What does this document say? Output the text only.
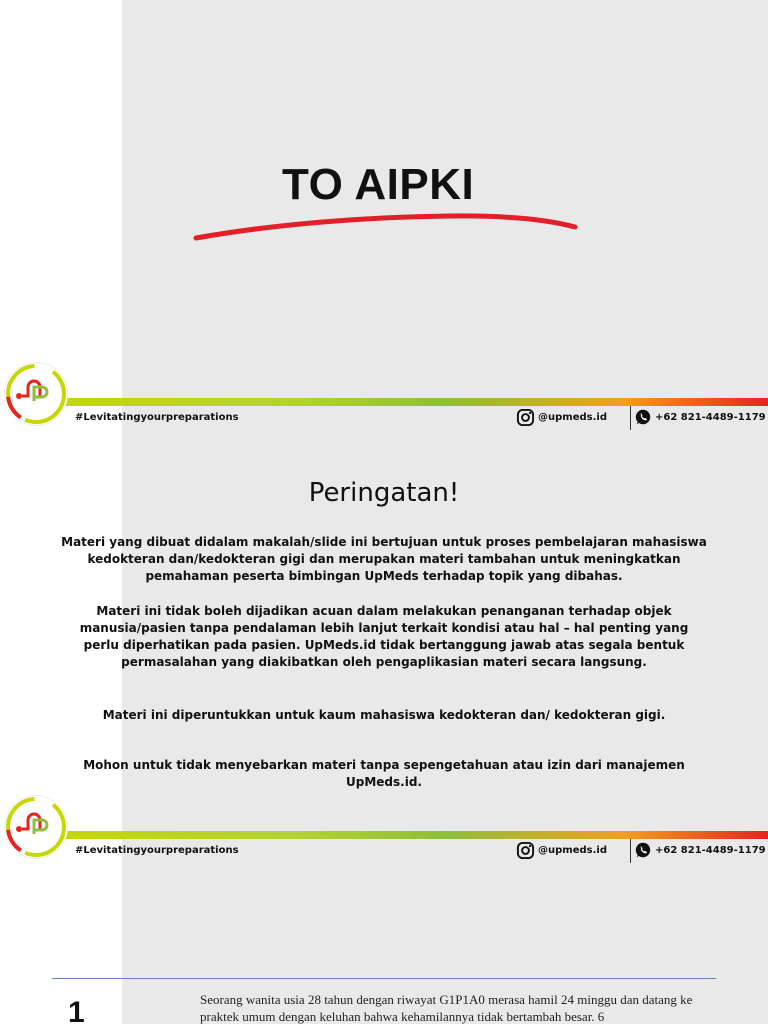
TO AIPKI
#Levitatingyourpreparations	@upmeds.id	+62 821-4489-1179
Peringatan!

Materi yang dibuat didalam makalah/slide ini bertujuan untuk proses pembelajaran mahasiswa kedokteran dan/kedokteran gigi dan merupakan materi tambahan untuk meningkatkan pemahaman peserta bimbingan UpMeds terhadap topik yang dibahas.

Materi ini tidak boleh dijadikan acuan dalam melakukan penanganan terhadap objek manusia/pasien tanpa pendalaman lebih lanjut terkait kondisi atau hal – hal penting yang perlu diperhatikan pada pasien. UpMeds.id tidak bertanggung jawab atas segala bentuk permasalahan yang diakibatkan oleh pengaplikasian materi secara langsung.

Materi ini diperuntukkan untuk kaum mahasiswa kedokteran dan/ kedokteran gigi.

Mohon untuk tidak menyebarkan materi tanpa sepengetahuan atau izin dari manajemen UpMeds.id.

#Levitatingyourpreparations	@upmeds.id	+62 821-4489-1179
1	Seorang wanita usia 28 tahun dengan riwayat G1P1A0 merasa hamil 24 minggu dan datang ke praktek umum dengan keluhan bahwa kehamilannya tidak bertambah besar. 6
